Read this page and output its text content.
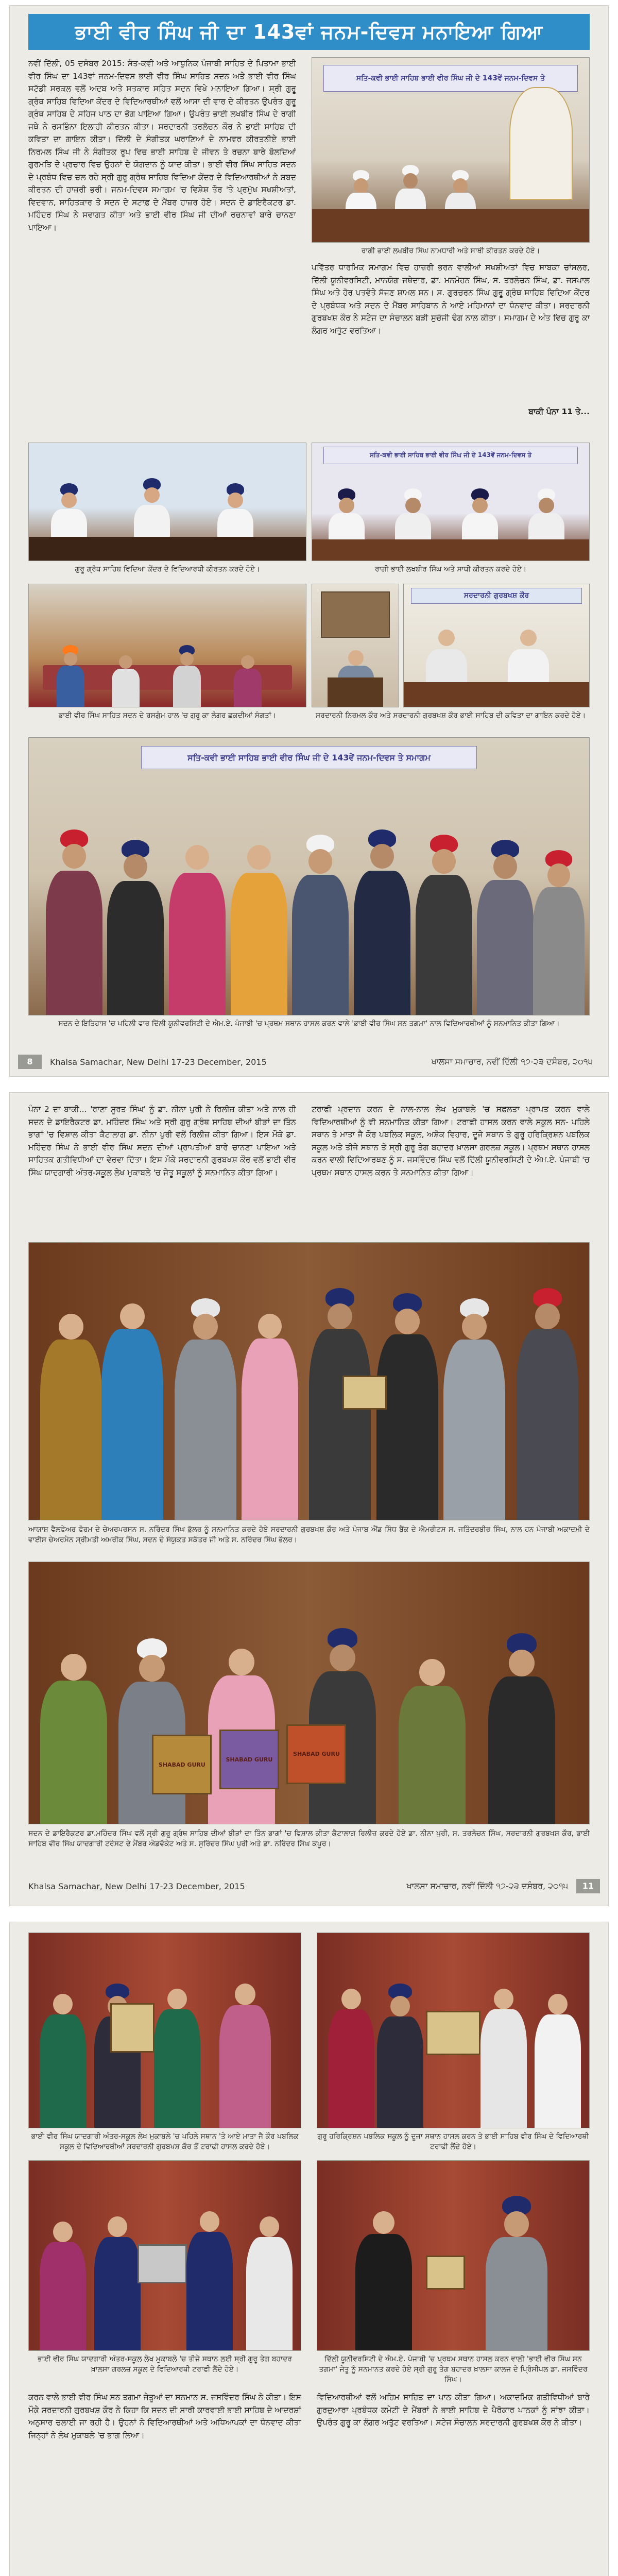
ਭਾਈ ਵੀਰ ਸਿੰਘ ਜੀ ਦਾ 143ਵਾਂ ਜਨਮ-ਦਿਵਸ ਮਨਾਇਆ ਗਿਆ
ਨਵੀਂ ਦਿੱਲੀ, 05 ਦਸੰਬਰ 2015: ਸੰਤ-ਕਵੀ ਅਤੇ ਆਧੁਨਿਕ ਪੰਜਾਬੀ ਸਾਹਿਤ ਦੇ ਪਿਤਾਮਾ ਭਾਈ ਵੀਰ ਸਿੰਘ ਦਾ 143ਵਾਂ ਜਨਮ-ਦਿਵਸ ਭਾਈ ਵੀਰ ਸਿੰਘ ਸਾਹਿਤ ਸਦਨ ਅਤੇ ਭਾਈ ਵੀਰ ਸਿੰਘ ਸਟੱਡੀ ਸਰਕਲ ਵਲੋਂ ਅਦਬ ਅਤੇ ਸਤਕਾਰ ਸਹਿਤ ਸਦਨ ਵਿਖੇ ਮਨਾਇਆ ਗਿਆ। ਸ੍ਰੀ ਗੁਰੂ ਗ੍ਰੰਥ ਸਾਹਿਬ ਵਿਦਿਆ ਕੇਂਦਰ ਦੇ ਵਿਦਿਆਰਥੀਆਂ ਵਲੋਂ ਆਸਾ ਦੀ ਵਾਰ ਦੇ ਕੀਰਤਨ ਉਪਰੰਤ ਗੁਰੂ ਗ੍ਰੰਥ ਸਾਹਿਬ ਦੇ ਸਹਿਜ ਪਾਠ ਦਾ ਭੋਗ ਪਾਇਆ ਗਿਆ। ਉਪਰੰਤ ਭਾਈ ਲਖਬੀਰ ਸਿੰਘ ਦੇ ਰਾਗੀ ਜਥੇ ਨੇ ਰਸਭਿੰਨਾ ਇਲਾਹੀ ਕੀਰਤਨ ਕੀਤਾ। ਸਰਦਾਰਨੀ ਤਰਲੋਚਨ ਕੌਰ ਨੇ ਭਾਈ ਸਾਹਿਬ ਦੀ ਕਵਿਤਾ ਦਾ ਗਾਇਨ ਕੀਤਾ। ਦਿੱਲੀ ਦੇ ਸੰਗੀਤਕ ਘਰਾਣਿਆਂ ਦੇ ਨਾਮਵਰ ਕੀਰਤਨੀਏ ਭਾਈ ਨਿਰਮਲ ਸਿੰਘ ਜੀ ਨੇ ਸੰਗੀਤਕ ਰੂਪ ਵਿਚ ਭਾਈ ਸਾਹਿਬ ਦੇ ਜੀਵਨ ਤੇ ਰਚਨਾ ਬਾਰੇ ਬੋਲਦਿਆਂ ਗੁਰਮਤਿ ਦੇ ਪ੍ਰਚਾਰ ਵਿਚ ਉਹਨਾਂ ਦੇ ਯੋਗਦਾਨ ਨੂੰ ਯਾਦ ਕੀਤਾ। ਭਾਈ ਵੀਰ ਸਿੰਘ ਸਾਹਿਤ ਸਦਨ ਦੇ ਪ੍ਰਬੰਧ ਵਿਚ ਚਲ ਰਹੇ ਸ੍ਰੀ ਗੁਰੂ ਗ੍ਰੰਥ ਸਾਹਿਬ ਵਿਦਿਆ ਕੇਂਦਰ ਦੇ ਵਿਦਿਆਰਥੀਆਂ ਨੇ ਸ਼ਬਦ ਕੀਰਤਨ ਦੀ ਹਾਜ਼ਰੀ ਭਰੀ। ਜਨਮ-ਦਿਵਸ ਸਮਾਗਮ 'ਚ ਵਿਸ਼ੇਸ਼ ਤੌਰ 'ਤੇ ਪ੍ਰਮੁੱਖ ਸਖਸ਼ੀਅਤਾਂ, ਵਿਦਵਾਨ, ਸਾਹਿਤਕਾਰ ਤੇ ਸਦਨ ਦੇ ਸਟਾਫ਼ ਦੇ ਮੈਂਬਰ ਹਾਜ਼ਰ ਹੋਏ। ਸਦਨ ਦੇ ਡਾਇਰੈਕਟਰ ਡਾ. ਮਹਿੰਦਰ ਸਿੰਘ ਨੇ ਸਵਾਗਤ ਕੀਤਾ ਅਤੇ ਭਾਈ ਵੀਰ ਸਿੰਘ ਜੀ ਦੀਆਂ ਰਚਨਾਵਾਂ ਬਾਰੇ ਚਾਨਣਾ ਪਾਇਆ।
ਸਤਿ-ਕਵੀ ਭਾਈ ਸਾਹਿਬ ਭਾਈ ਵੀਰ ਸਿੰਘ ਜੀ ਦੇ 143ਵੇਂ ਜਨਮ-ਦਿਵਸ ਤੇ
ਰਾਗੀ ਭਾਈ ਲਖਬੀਰ ਸਿੰਘ ਨਾਮਧਾਰੀ ਅਤੇ ਸਾਥੀ ਕੀਰਤਨ ਕਰਦੇ ਹੋਏ।
ਪਵਿੱਤਰ ਧਾਰਮਿਕ ਸਮਾਗਮ ਵਿਚ ਹਾਜ਼ਰੀ ਭਰਨ ਵਾਲੀਆਂ ਸਖਸ਼ੀਅਤਾਂ ਵਿਚ ਸਾਬਕਾ ਚਾਂਸਲਰ, ਦਿੱਲੀ ਯੂਨੀਵਰਸਿਟੀ, ਮਾਨਯੋਗ ਜਥੇਦਾਰ, ਡਾ. ਮਨਮੋਹਨ ਸਿੰਘ, ਸ. ਤਰਲੋਚਨ ਸਿੰਘ, ਡਾ. ਜਸਪਾਲ ਸਿੰਘ ਅਤੇ ਹੋਰ ਪਤਵੰਤੇ ਸੱਜਣ ਸ਼ਾਮਲ ਸਨ। ਸ. ਗੁਰਚਰਨ ਸਿੰਘ ਗੁਰੂ ਗ੍ਰੰਥ ਸਾਹਿਬ ਵਿਦਿਆ ਕੇਂਦਰ ਦੇ ਪ੍ਰਬੰਧਕ ਅਤੇ ਸਦਨ ਦੇ ਮੈਂਬਰ ਸਾਹਿਬਾਨ ਨੇ ਆਏ ਮਹਿਮਾਨਾਂ ਦਾ ਧੰਨਵਾਦ ਕੀਤਾ। ਸਰਦਾਰਨੀ ਗੁਰਬਖਸ਼ ਕੌਰ ਨੇ ਸਟੇਜ ਦਾ ਸੰਚਾਲਨ ਬੜੀ ਸੁਚੱਜੀ ਢੰਗ ਨਾਲ ਕੀਤਾ। ਸਮਾਗਮ ਦੇ ਅੰਤ ਵਿਚ ਗੁਰੂ ਕਾ ਲੰਗਰ ਅਤੁੱਟ ਵਰਤਿਆ।
ਬਾਕੀ ਪੰਨਾ 11 ਤੇ...
ਗੁਰੂ ਗ੍ਰੰਥ ਸਾਹਿਬ ਵਿਦਿਆ ਕੇਂਦਰ ਦੇ ਵਿਦਿਆਰਥੀ ਕੀਰਤਨ ਕਰਦੇ ਹੋਏ।
ਸਤਿ-ਕਵੀ ਭਾਈ ਸਾਹਿਬ ਭਾਈ ਵੀਰ ਸਿੰਘ ਜੀ ਦੇ 143ਵੇਂ ਜਨਮ-ਦਿਵਸ ਤੇ
ਰਾਗੀ ਭਾਈ ਲਖਬੀਰ ਸਿੰਘ ਅਤੇ ਸਾਥੀ ਕੀਰਤਨ ਕਰਦੇ ਹੋਏ।
ਭਾਈ ਵੀਰ ਸਿੰਘ ਸਾਹਿਤ ਸਦਨ ਦੇ ਰਸਗੁੰਮ ਹਾਲ 'ਚ ਗੁਰੂ ਕਾ ਲੰਗਰ ਛਕਦੀਆਂ ਸੰਗਤਾਂ।
ਸਰਦਾਰਨੀ ਗੁਰਬਖਸ਼ ਕੌਰ
ਸਰਦਾਰਨੀ ਨਿਰਮਲ ਕੌਰ ਅਤੇ ਸਰਦਾਰਨੀ ਗੁਰਬਖਸ਼ ਕੌਰ ਭਾਈ ਸਾਹਿਬ ਦੀ ਕਵਿਤਾ ਦਾ ਗਾਇਨ ਕਰਦੇ ਹੋਏ।
ਸਤਿ-ਕਵੀ ਭਾਈ ਸਾਹਿਬ ਭਾਈ ਵੀਰ ਸਿੰਘ ਜੀ ਦੇ 143ਵੇਂ ਜਨਮ-ਦਿਵਸ ਤੇ ਸਮਾਗਮ
ਸਦਨ ਦੇ ਇਤਿਹਾਸ 'ਚ ਪਹਿਲੀ ਵਾਰ ਦਿੱਲੀ ਯੂਨੀਵਰਸਿਟੀ ਦੇ ਐਮ.ਏ. ਪੰਜਾਬੀ 'ਚ ਪ੍ਰਥਮ ਸਥਾਨ ਹਾਸਲ ਕਰਨ ਵਾਲੇ 'ਭਾਈ ਵੀਰ ਸਿੰਘ ਸਨ ਤਗਮਾ' ਨਾਲ ਵਿਦਿਆਰਥੀਆਂ ਨੂੰ ਸਨਮਾਨਿਤ ਕੀਤਾ ਗਿਆ।
8	Khalsa Samachar, New Delhi 17-23 December, 2015	ਖਾਲਸਾ ਸਮਾਚਾਰ, ਨਵੀਂ ਦਿੱਲੀ ੧੭-੨੩ ਦਸੰਬਰ, ੨੦੧੫
ਪੰਨਾ 2 ਦਾ ਬਾਕੀ... 'ਰਾਣਾ ਸੂਰਤ ਸਿੰਘ' ਨੂੰ ਡਾ. ਨੀਨਾ ਪੁਰੀ ਨੇ ਰਿਲੀਜ਼ ਕੀਤਾ ਅਤੇ ਨਾਲ ਹੀ ਸਦਨ ਦੇ ਡਾਇਰੈਕਟਰ ਡਾ. ਮਹਿੰਦਰ ਸਿੰਘ ਅਤੇ ਸ੍ਰੀ ਗੁਰੂ ਗ੍ਰੰਥ ਸਾਹਿਬ ਦੀਆਂ ਬੀੜਾਂ ਦਾ ਤਿੰਨ ਭਾਗਾਂ 'ਚ ਵਿਸ਼ਾਲ ਕੀਤਾ ਕੈਟਾਲਾਗ ਡਾ. ਨੀਨਾ ਪੁਰੀ ਵਲੋਂ ਰਿਲੀਜ਼ ਕੀਤਾ ਗਿਆ। ਇਸ ਮੌਕੇ ਡਾ. ਮਹਿੰਦਰ ਸਿੰਘ ਨੇ ਭਾਈ ਵੀਰ ਸਿੰਘ ਸਦਨ ਦੀਆਂ ਪ੍ਰਾਪਤੀਆਂ ਬਾਰੇ ਚਾਨਣਾ ਪਾਇਆ ਅਤੇ ਸਾਹਿਤਕ ਗਤੀਵਿਧੀਆਂ ਦਾ ਵੇਰਵਾ ਦਿੱਤਾ। ਇਸ ਮੌਕੇ ਸਰਦਾਰਨੀ ਗੁਰਬਖਸ਼ ਕੌਰ ਵਲੋਂ ਭਾਈ ਵੀਰ ਸਿੰਘ ਯਾਦਗਾਰੀ ਅੰਤਰ-ਸਕੂਲ ਲੇਖ ਮੁਕਾਬਲੇ 'ਚ ਜੇਤੂ ਸਕੂਲਾਂ ਨੂੰ ਸਨਮਾਨਿਤ ਕੀਤਾ ਗਿਆ।
ਟਰਾਫੀ ਪ੍ਰਦਾਨ ਕਰਨ ਦੇ ਨਾਲ-ਨਾਲ ਲੇਖ ਮੁਕਾਬਲੇ 'ਚ ਸਫ਼ਲਤਾ ਪ੍ਰਾਪਤ ਕਰਨ ਵਾਲੇ ਵਿਦਿਆਰਥੀਆਂ ਨੂੰ ਵੀ ਸਨਮਾਨਿਤ ਕੀਤਾ ਗਿਆ। ਟਰਾਫੀ ਹਾਸਲ ਕਰਨ ਵਾਲੇ ਸਕੂਲ ਸਨ- ਪਹਿਲੇ ਸਥਾਨ ਤੇ ਮਾਤਾ ਜੈ ਕੌਰ ਪਬਲਿਕ ਸਕੂਲ, ਅਸ਼ੋਕ ਵਿਹਾਰ, ਦੂਜੇ ਸਥਾਨ ਤੇ ਗੁਰੂ ਹਰਿਕ੍ਰਿਸ਼ਨ ਪਬਲਿਕ ਸਕੂਲ ਅਤੇ ਤੀਜੇ ਸਥਾਨ ਤੇ ਸ੍ਰੀ ਗੁਰੂ ਤੇਗ ਬਹਾਦਰ ਖ਼ਾਲਸਾ ਗਰਲਜ਼ ਸਕੂਲ। ਪ੍ਰਥਮ ਸਥਾਨ ਹਾਸਲ ਕਰਨ ਵਾਲੀ ਵਿਦਿਆਰਥਣ ਨੂੰ ਸ. ਜਸਵਿੰਦਰ ਸਿੰਘ ਵਲੋਂ ਦਿੱਲੀ ਯੂਨੀਵਰਸਿਟੀ ਦੇ ਐਮ.ਏ. ਪੰਜਾਬੀ 'ਚ ਪ੍ਰਥਮ ਸਥਾਨ ਹਾਸਲ ਕਰਨ ਤੇ ਸਨਮਾਨਿਤ ਕੀਤਾ ਗਿਆ।
ਆਯਾਸ਼ ਵੈਲਫੇਅਰ ਫੋਰਮ ਦੇ ਚੇਅਰਪਰਸਨ ਸ. ਨਰਿੰਦਰ ਸਿੰਘ ਭੁੱਲਰ ਨੂੰ ਸਨਮਾਨਿਤ ਕਰਦੇ ਹੋਏ ਸਰਦਾਰਨੀ ਗੁਰਬਖਸ਼ ਕੌਰ ਅਤੇ ਪੰਜਾਬ ਐਂਡ ਸਿੰਧ ਬੈਂਕ ਦੇ ਐਮਰੀਟਸ ਸ. ਜਤਿੰਦਰਬੀਰ ਸਿੰਘ, ਨਾਲ ਹਨ ਪੰਜਾਬੀ ਅਕਾਦਮੀ ਦੇ ਵਾਈਸ ਚੇਅਰਮੈਨ ਸ੍ਰੀਮਤੀ ਅਮਰੀਕ ਸਿੰਘ, ਸਦਨ ਦੇ ਸੰਯੁਕਤ ਸਕੱਤਰ ਜੀ ਅਤੇ ਸ. ਨਰਿੰਦਰ ਸਿੰਘ ਭੱਲਰ।
SHABAD GURU
SHABAD GURU
SHABAD GURU
ਸਦਨ ਦੇ ਡਾਇਰੈਕਟਰ ਡਾ.ਮਹਿੰਦਰ ਸਿੰਘ ਵਲੋਂ ਸ੍ਰੀ ਗੁਰੂ ਗ੍ਰੰਥ ਸਾਹਿਬ ਦੀਆਂ ਬੀੜਾਂ ਦਾ ਤਿੰਨ ਭਾਗਾਂ 'ਚ ਵਿਸ਼ਾਲ ਕੀਤਾ ਕੈਟਾਲਾਗ ਰਿਲੀਜ਼ ਕਰਦੇ ਹੋਏ ਡਾ. ਨੀਨਾ ਪੁਰੀ, ਸ. ਤਰਲੋਚਨ ਸਿੰਘ, ਸਰਦਾਰਨੀ ਗੁਰਬਖਸ਼ ਕੌਰ, ਭਾਈ ਸਾਹਿਬ ਵੀਰ ਸਿੰਘ ਯਾਦਗਾਰੀ ਟਰੱਸਟ ਦੇ ਮੈਂਬਰ ਐਡਵੋਕੇਟ ਅਤੇ ਸ. ਸੁਰਿੰਦਰ ਸਿੰਘ ਪੁਰੀ ਅਤੇ ਡਾ. ਨਰਿੰਦਰ ਸਿੰਘ ਕਪੂਰ।
Khalsa Samachar, New Delhi 17-23 December, 2015	ਖਾਲਸਾ ਸਮਾਚਾਰ, ਨਵੀਂ ਦਿੱਲੀ ੧੭-੨੩ ਦਸੰਬਰ, ੨੦੧੫	11
ਭਾਈ ਵੀਰ ਸਿੰਘ ਯਾਦਗਾਰੀ ਅੰਤਰ-ਸਕੂਲ ਲੇਖ ਮੁਕਾਬਲੇ 'ਚ ਪਹਿਲੇ ਸਥਾਨ 'ਤੇ ਆਏ ਮਾਤਾ ਜੈ ਕੌਰ ਪਬਲਿਕ ਸਕੂਲ ਦੇ ਵਿਦਿਆਰਥੀਆਂ ਸਰਦਾਰਨੀ ਗੁਰਬਖਸ਼ ਕੌਰ ਤੋਂ ਟਰਾਫੀ ਹਾਸਲ ਕਰਦੇ ਹੋਏ।
ਗੁਰੂ ਹਰਿਕ੍ਰਿਸ਼ਨ ਪਬਲਿਕ ਸਕੂਲ ਨੂੰ ਦੂਜਾ ਸਥਾਨ ਹਾਸਲ ਕਰਨ ਤੇ ਭਾਈ ਸਾਹਿਬ ਵੀਰ ਸਿੰਘ ਦੇ ਵਿਦਿਆਰਥੀ ਟਰਾਫੀ ਲੈਂਦੇ ਹੋਏ।
ਭਾਈ ਵੀਰ ਸਿੰਘ ਯਾਦਗਾਰੀ ਅੰਤਰ-ਸਕੂਲ ਲੇਖ ਮੁਕਾਬਲੇ 'ਚ ਤੀਜੇ ਸਥਾਨ ਲਈ ਸ੍ਰੀ ਗੁਰੂ ਤੇਗ ਬਹਾਦਰ ਖ਼ਾਲਸਾ ਗਰਲਜ਼ ਸਕੂਲ ਦੇ ਵਿਦਿਆਰਥੀ ਟਰਾਫੀ ਲੈਂਦੇ ਹੋਏ।
ਦਿੱਲੀ ਯੂਨੀਵਰਸਿਟੀ ਦੇ ਐਮ.ਏ. ਪੰਜਾਬੀ 'ਚ ਪ੍ਰਥਮ ਸਥਾਨ ਹਾਸਲ ਕਰਨ ਵਾਲੀ 'ਭਾਈ ਵੀਰ ਸਿੰਘ ਸਨ ਤਗਮਾ' ਜੇਤੂ ਨੂੰ ਸਨਮਾਨਤ ਕਰਦੇ ਹੋਏ ਸ੍ਰੀ ਗੁਰੂ ਤੇਗ ਬਹਾਦਰ ਖ਼ਾਲਸਾ ਕਾਲਜ ਦੇ ਪ੍ਰਿੰਸੀਪਲ ਡਾ. ਜਸਵਿੰਦਰ ਸਿੰਘ।
ਕਰਨ ਵਾਲੇ ਭਾਈ ਵੀਰ ਸਿੰਘ ਸਨ ਤਗਮਾ ਜੇਤੂਆਂ ਦਾ ਸਨਮਾਨ ਸ. ਜਸਵਿੰਦਰ ਸਿੰਘ ਨੇ ਕੀਤਾ। ਇਸ ਮੌਕੇ ਸਰਦਾਰਨੀ ਗੁਰਬਖਸ਼ ਕੌਰ ਨੇ ਕਿਹਾ ਕਿ ਸਦਨ ਦੀ ਸਾਰੀ ਕਾਰਵਾਈ ਭਾਈ ਸਾਹਿਬ ਦੇ ਆਦਰਸ਼ਾਂ ਅਨੁਸਾਰ ਚਲਾਈ ਜਾ ਰਹੀ ਹੈ। ਉਹਨਾਂ ਨੇ ਵਿਦਿਆਰਥੀਆਂ ਅਤੇ ਅਧਿਆਪਕਾਂ ਦਾ ਧੰਨਵਾਦ ਕੀਤਾ ਜਿਨ੍ਹਾਂ ਨੇ ਲੇਖ ਮੁਕਾਬਲੇ 'ਚ ਭਾਗ ਲਿਆ।
ਵਿਦਿਆਰਥੀਆਂ ਵਲੋਂ ਅਹਿਮ ਸਾਹਿਤ ਦਾ ਪਾਠ ਕੀਤਾ ਗਿਆ। ਅਕਾਦਮਿਕ ਗਤੀਵਿਧੀਆਂ ਬਾਰੇ ਗੁਰਦੁਆਰਾ ਪ੍ਰਬੰਧਕ ਕਮੇਟੀ ਦੇ ਮੈਂਬਰਾਂ ਨੇ ਭਾਈ ਸਾਹਿਬ ਦੇ ਪੈਰੋਕਾਰ ਪਾਠਕਾਂ ਨੂੰ ਸਾਂਝਾ ਕੀਤਾ। ਉਪਰੰਤ ਗੁਰੂ ਕਾ ਲੰਗਰ ਅਤੁੱਟ ਵਰਤਿਆ। ਸਟੇਜ ਸੰਚਾਲਨ ਸਰਦਾਰਨੀ ਗੁਰਬਖਸ਼ ਕੌਰ ਨੇ ਕੀਤਾ।
